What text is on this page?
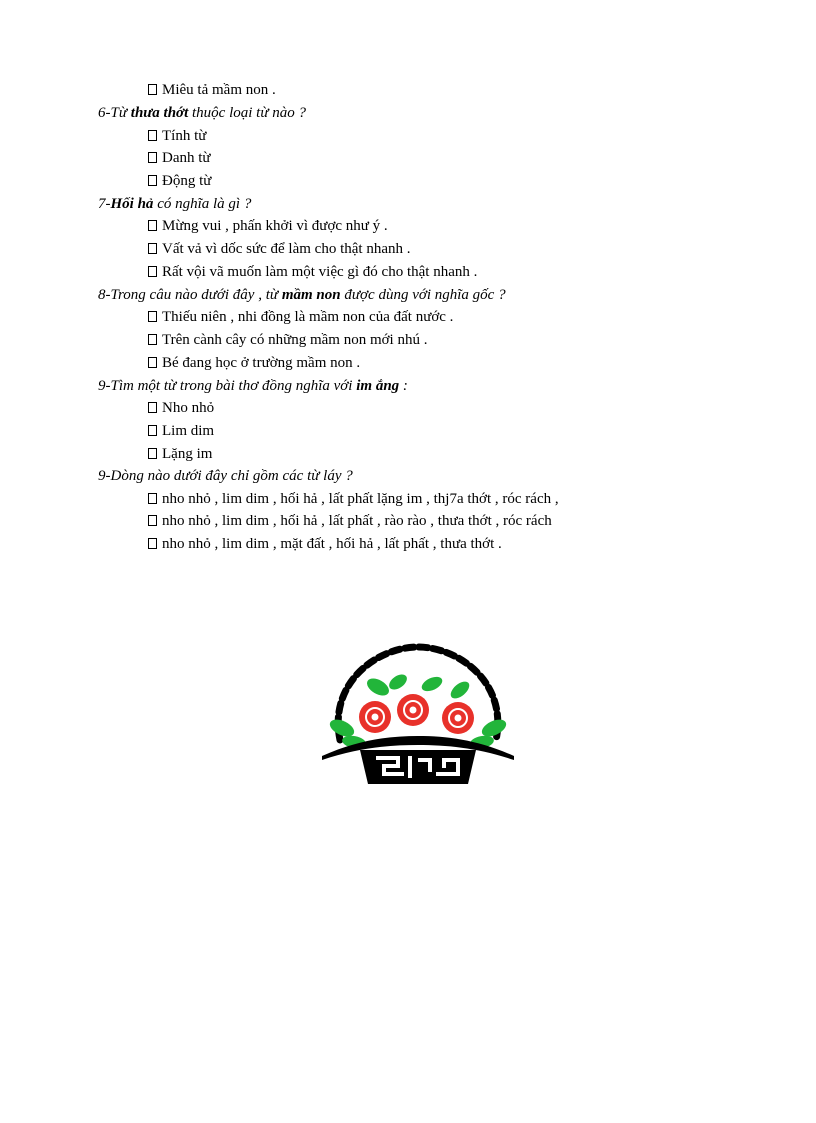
Miêu tả mầm non .
6-Từ thưa thớt thuộc loại từ nào ?
Tính từ
Danh từ
Động từ
7-Hối hả có nghĩa là gì ?
Mừng vui , phấn khởi vì được như ý .
Vất vả vì dốc sức để làm cho thật nhanh .
Rất vội vã muốn làm một việc gì đó cho thật nhanh .
8-Trong câu nào dưới đây , từ mầm non được dùng với nghĩa gốc ?
Thiếu niên , nhi đồng là mầm non của đất nước .
Trên cành cây có những mầm non mới nhú .
Bé đang học ở trường mầm non .
9-Tìm một từ trong bài thơ đồng nghĩa với im ắng :
Nho nhỏ
Lim dim
Lặng im
9-Dòng nào dưới đây chỉ gồm các từ láy ?
nho nhỏ , lim dim , hối hả , lất phất lặng im , thj7a thớt , róc rách ,
nho nhỏ , lim dim , hối hả , lất phất , rào rào , thưa thớt , róc rách
nho nhỏ , lim dim , mặt đất , hối hả , lất phất , thưa thớt .
